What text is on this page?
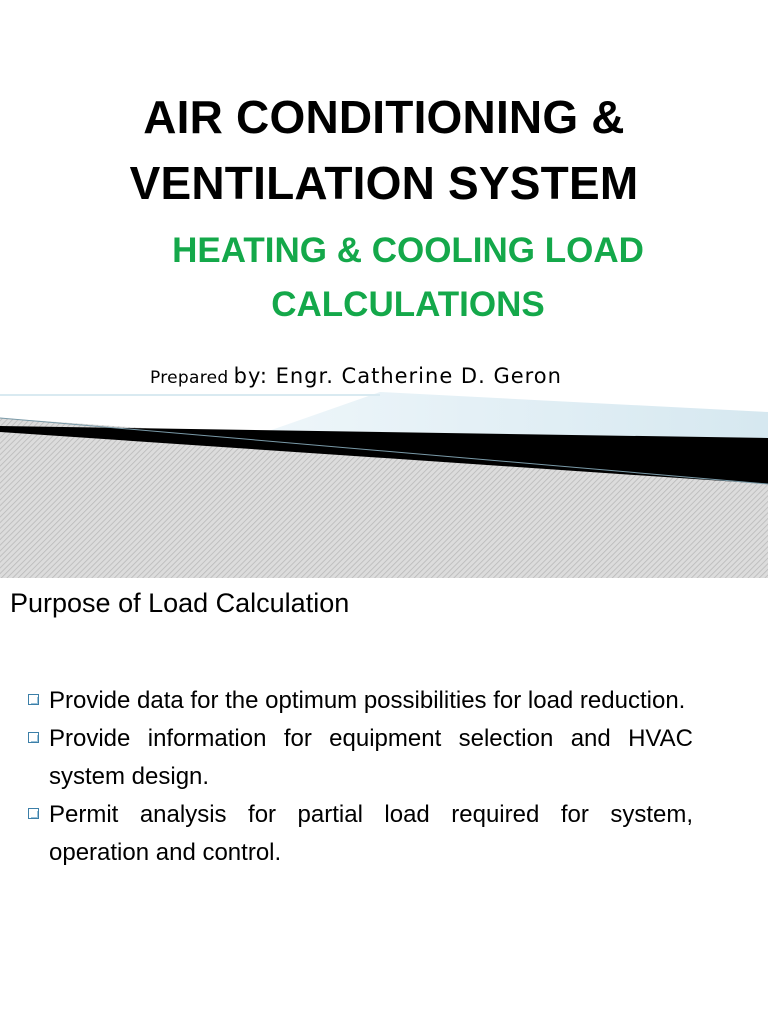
AIR CONDITIONING &
VENTILATION SYSTEM
HEATING & COOLING LOAD
CALCULATIONS
Prepared by: Engr. Catherine D. Geron
Purpose of Load Calculation
Provide data for the optimum possibilities for load reduction.
Provide information for equipment selection and HVAC system design.
Permit analysis for partial load required for system, operation and control.
